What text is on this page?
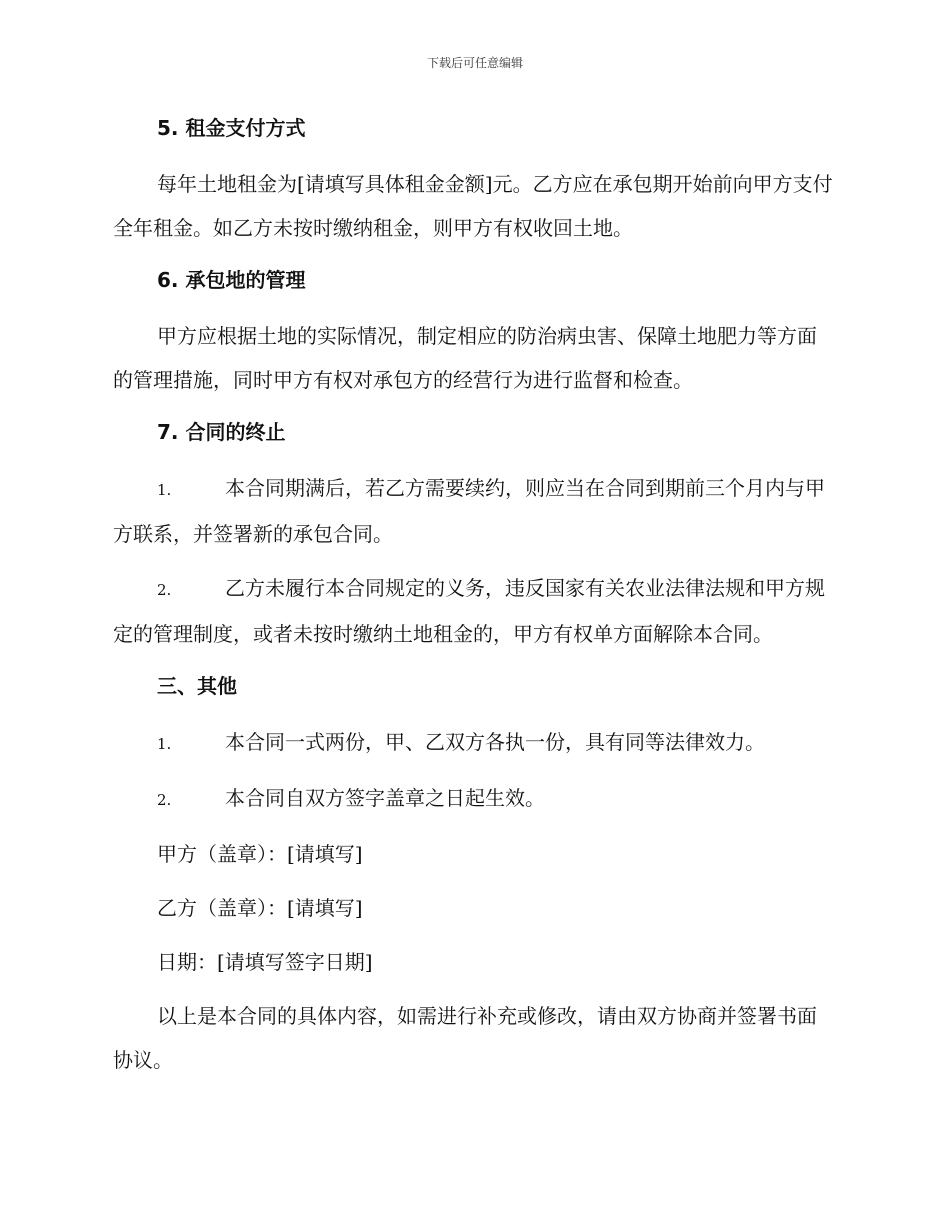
下载后可任意编辑
5. 租金支付方式
每年土地租金为[请填写具体租金金额]元。乙方应在承包期开始前向甲方支付全年租金。如乙方未按时缴纳租金，则甲方有权收回土地。
6. 承包地的管理
甲方应根据土地的实际情况，制定相应的防治病虫害、保障土地肥力等方面的管理措施，同时甲方有权对承包方的经营行为进行监督和检查。
7. 合同的终止
1.	本合同期满后，若乙方需要续约，则应当在合同到期前三个月内与甲方联系，并签署新的承包合同。
2.	乙方未履行本合同规定的义务，违反国家有关农业法律法规和甲方规定的管理制度，或者未按时缴纳土地租金的，甲方有权单方面解除本合同。
三、其他
1.	本合同一式两份，甲、乙双方各执一份，具有同等法律效力。
2.	本合同自双方签字盖章之日起生效。
甲方（盖章）：[请填写]
乙方（盖章）：[请填写]
日期：[请填写签字日期]
以上是本合同的具体内容，如需进行补充或修改，请由双方协商并签署书面协议。
